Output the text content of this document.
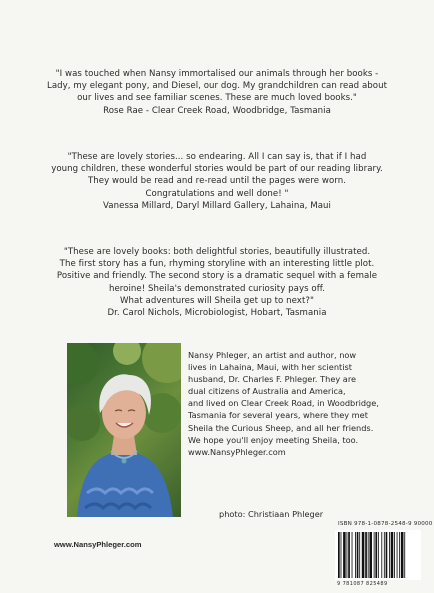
"I was touched when Nansy immortalised our animals through her books -

Lady, my elegant pony, and Diesel, our dog. My grandchildren can read about

our lives and see familiar scenes. These are much loved books."

Rose Rae - Clear Creek Road, Woodbridge, Tasmania

"These are lovely stories... so endearing. All I can say is, that if I had

young children, these wonderful stories would be part of our reading library.

They would be read and re-read until the pages were worn.

Congratulations and well done! "

Vanessa Millard, Daryl Millard Gallery, Lahaina, Maui

"These are lovely books: both delightful stories, beautifully illustrated.

The first story has a fun, rhyming storyline with an interesting little plot.

Positive and friendly. The second story is a dramatic sequel with a female

heroine! Sheila's demonstrated curiosity pays off.

What adventures will Sheila get up to next?"

Dr. Carol Nichols, Microbiologist, Hobart, Tasmania

Nansy Phleger, an artist and author, now
lives in Lahaina, Maui, with her scientist
husband, Dr. Charles F. Phleger. They are
dual citizens of Australia and America,
and lived on Clear Creek Road, in Woodbridge,
Tasmania for several years, where they met
Sheila the Curious Sheep, and all her friends.
We hope you'll enjoy meeting Sheila, too.
www.NansyPhleger.com
photo: Christiaan Phleger
ISBN 978-1-0878-2548-9 90000
9 781087 825489
www.NansyPhleger.com
